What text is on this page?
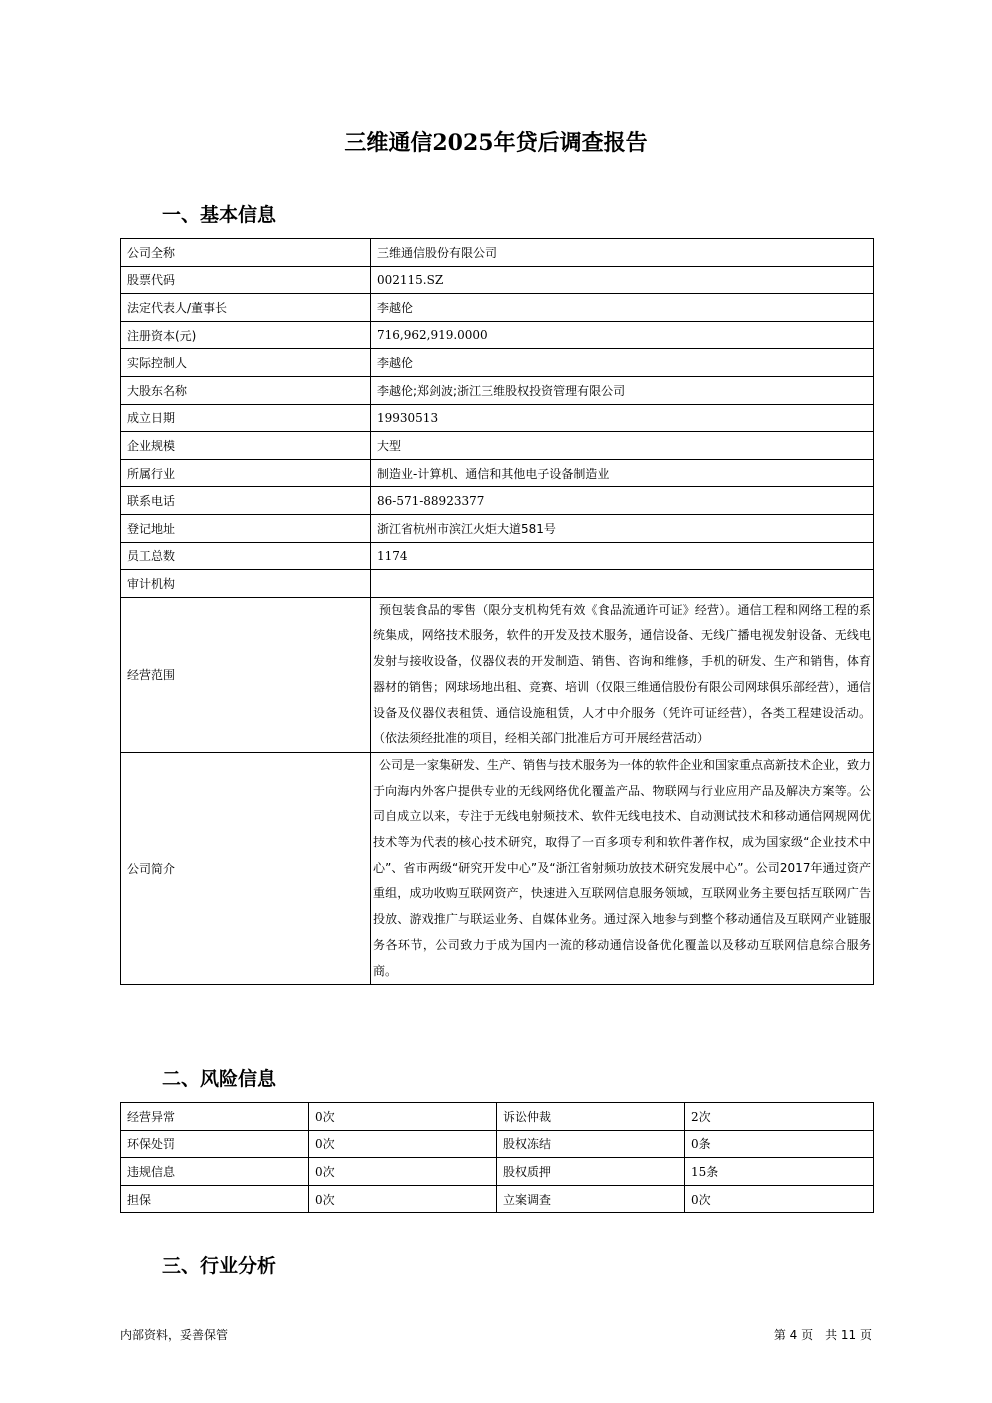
三维通信2025年贷后调查报告
一、基本信息
公司全称	三维通信股份有限公司
股票代码	002115.SZ
法定代表人/董事长	李越伦
注册资本(元)	716,962,919.0000
实际控制人	李越伦
大股东名称	李越伦;郑剑波;浙江三维股权投资管理有限公司
成立日期	19930513
企业规模	大型
所属行业	制造业-计算机、通信和其他电子设备制造业
联系电话	86-571-88923377
登记地址	浙江省杭州市滨江火炬大道581号
员工总数	1174
审计机构	
经营范围	预包装食品的零售（限分支机构凭有效《食品流通许可证》经营）。通信工程和网络工程的系统集成，网络技术服务，软件的开发及技术服务，通信设备、无线广播电视发射设备、无线电发射与接收设备，仪器仪表的开发制造、销售、咨询和维修，手机的研发、生产和销售，体育器材的销售；网球场地出租、竞赛、培训（仅限三维通信股份有限公司网球俱乐部经营），通信设备及仪器仪表租赁、通信设施租赁，人才中介服务（凭许可证经营），各类工程建设活动。（依法须经批准的项目，经相关部门批准后方可开展经营活动）
公司简介	公司是一家集研发、生产、销售与技术服务为一体的软件企业和国家重点高新技术企业，致力于向海内外客户提供专业的无线网络优化覆盖产品、物联网与行业应用产品及解决方案等。公司自成立以来，专注于无线电射频技术、软件无线电技术、自动测试技术和移动通信网规网优技术等为代表的核心技术研究，取得了一百多项专利和软件著作权，成为国家级“企业技术中心”、省市两级“研究开发中心”及“浙江省射频功放技术研究发展中心”。公司2017年通过资产重组，成功收购互联网资产，快速进入互联网信息服务领域，互联网业务主要包括互联网广告投放、游戏推广与联运业务、自媒体业务。通过深入地参与到整个移动通信及互联网产业链服务各环节，公司致力于成为国内一流的移动通信设备优化覆盖以及移动互联网信息综合服务商。
二、风险信息
经营异常	0次	诉讼仲裁	2次
环保处罚	0次	股权冻结	0条
违规信息	0次	股权质押	15条
担保	0次	立案调查	0次
三、行业分析
内部资料，妥善保管	第 4 页　共 11 页
